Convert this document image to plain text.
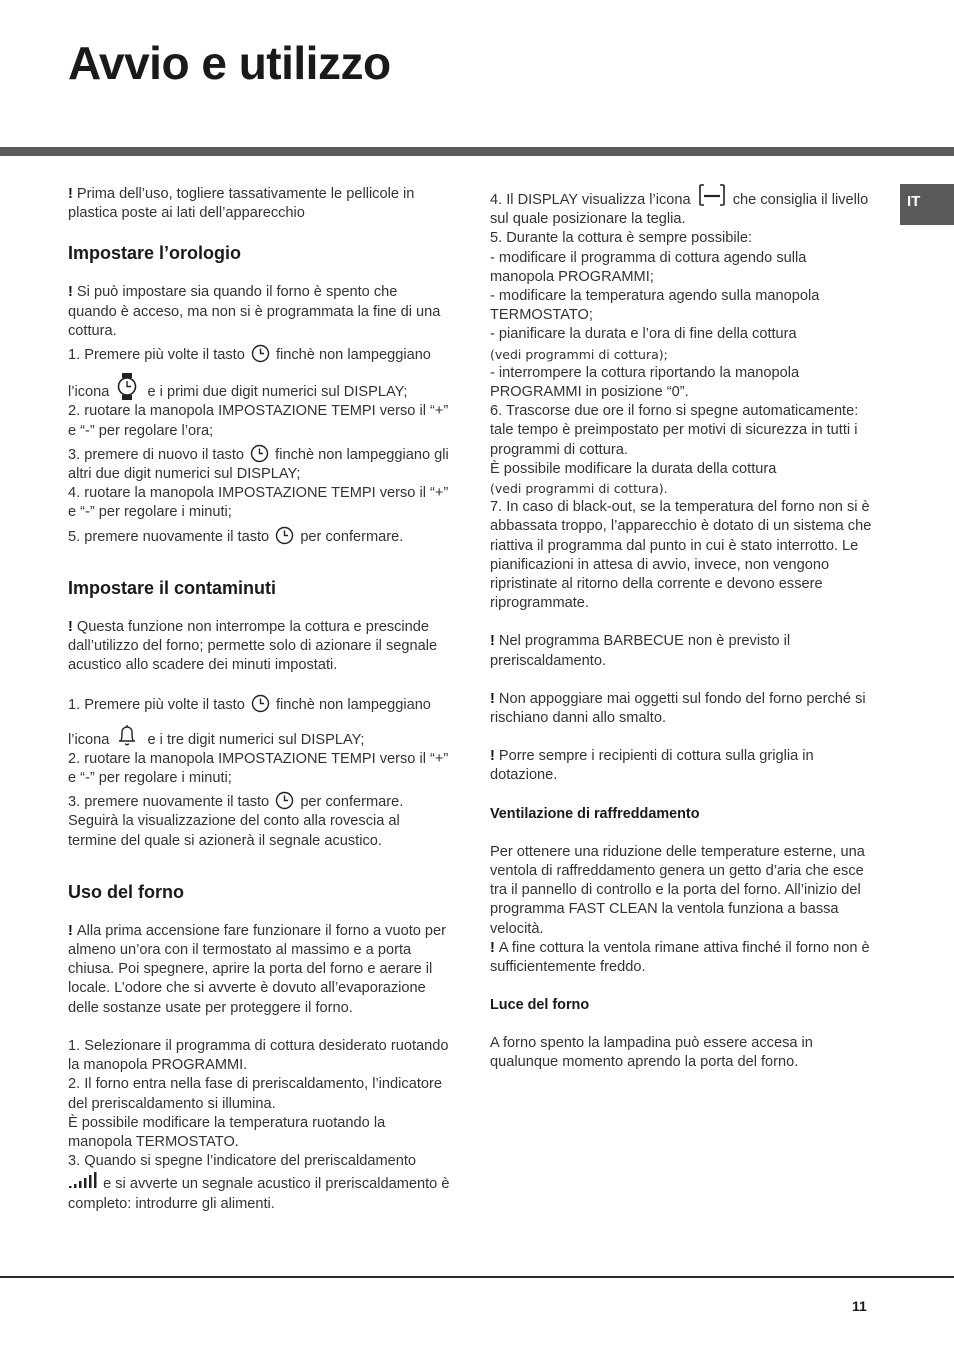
Avvio e utilizzo
IT

! Prima dell’uso, togliere tassativamente le pellicole in plastica poste ai lati dell’apparecchio

Impostare l’orologio

! Si può impostare sia quando il forno è spento che quando è acceso, ma non si è programmata la fine di una cottura.

1. Premere più volte il tasto finchè non lampeggiano

l’icona	e i primi due digit numerici sul DISPLAY;

2. ruotare la manopola IMPOSTAZIONE TEMPI verso il “+” e “-” per regolare l’ora;

3. premere di nuovo il tasto finchè non lampeggiano gli altri due digit numerici sul DISPLAY;

4. ruotare la manopola IMPOSTAZIONE TEMPI verso il “+” e “-” per regolare i minuti;

5. premere nuovamente il tasto per confermare.

Impostare il contaminuti

! Questa funzione non interrompe la cottura e prescinde dall’utilizzo del forno; permette solo di azionare il segnale acustico allo scadere dei minuti impostati.

1. Premere più volte il tasto finchè non lampeggiano

l’icona	e i tre digit numerici sul DISPLAY;

2. ruotare la manopola IMPOSTAZIONE TEMPI verso il “+” e “-” per regolare i minuti;

3. premere nuovamente il tasto per confermare. Seguirà la visualizzazione del conto alla rovescia al termine del quale si azionerà il segnale acustico.

Uso del forno

! Alla prima accensione fare funzionare il forno a vuoto per almeno un’ora con il termostato al massimo e a porta chiusa. Poi spegnere, aprire la porta del forno e aerare il locale. L’odore che si avverte è dovuto all’evaporazione delle sostanze usate per proteggere il forno.

1. Selezionare il programma di cottura desiderato ruotando la manopola PROGRAMMI.

2. Il forno entra nella fase di preriscaldamento, l’indicatore del preriscaldamento si illumina.

È possibile modificare la temperatura ruotando la manopola TERMOSTATO.

3. Quando si spegne l’indicatore del preriscaldamento

e si avverte un segnale acustico il preriscaldamento è completo: introdurre gli alimenti.

4. Il DISPLAY visualizza l’icona	che consiglia il livello sul quale posizionare la teglia.

5. Durante la cottura è sempre possibile:

- modificare il programma di cottura agendo sulla manopola PROGRAMMI;

- modificare la temperatura agendo sulla manopola TERMOSTATO;

- pianificare la durata e l’ora di fine della cottura

(vedi programmi di cottura);

- interrompere la cottura riportando la manopola PROGRAMMI in posizione “0”.

6. Trascorse due ore il forno si spegne automaticamente: tale tempo è preimpostato per motivi di sicurezza in tutti i programmi di cottura.

È possibile modificare la durata della cottura

(vedi programmi di cottura).

7. In caso di black-out, se la temperatura del forno non si è abbassata troppo, l’apparecchio è dotato di un sistema che riattiva il programma dal punto in cui è stato interrotto. Le pianificazioni in attesa di avvio, invece, non vengono ripristinate al ritorno della corrente e devono essere riprogrammate.

! Nel programma BARBECUE non è previsto il preriscaldamento.

! Non appoggiare mai oggetti sul fondo del forno perché si rischiano danni allo smalto.

! Porre sempre i recipienti di cottura sulla griglia in dotazione.

Ventilazione di raffreddamento

Per ottenere una riduzione delle temperature esterne, una ventola di raffreddamento genera un getto d’aria che esce tra il pannello di controllo e la porta del forno. All’inizio del programma FAST CLEAN la ventola funziona a bassa velocità.

! A fine cottura la ventola rimane attiva finché il forno non è sufficientemente freddo.

Luce del forno

A forno spento la lampadina può essere accesa in qualunque momento aprendo la porta del forno.

11
